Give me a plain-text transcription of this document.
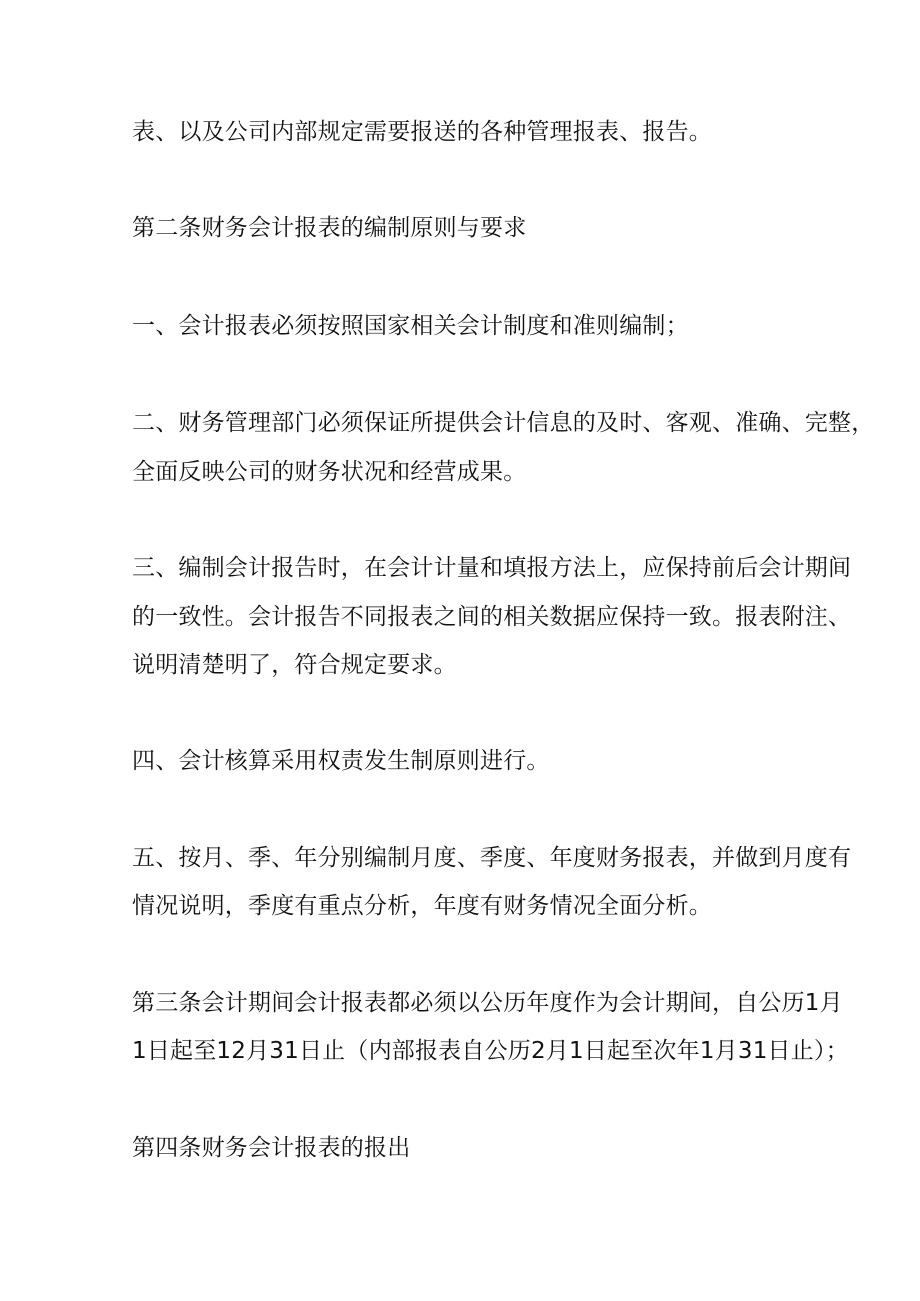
表、以及公司内部规定需要报送的各种管理报表、报告。
第二条财务会计报表的编制原则与要求
一、会计报表必须按照国家相关会计制度和准则编制；
二、财务管理部门必须保证所提供会计信息的及时、客观、准确、完整，
全面反映公司的财务状况和经营成果。
三、编制会计报告时，在会计计量和填报方法上，应保持前后会计期间
的一致性。会计报告不同报表之间的相关数据应保持一致。报表附注、
说明清楚明了，符合规定要求。
四、会计核算采用权责发生制原则进行。
五、按月、季、年分别编制月度、季度、年度财务报表，并做到月度有
情况说明，季度有重点分析，年度有财务情况全面分析。
第三条会计期间会计报表都必须以公历年度作为会计期间，自公历1月
1日起至12月31日止（内部报表自公历2月1日起至次年1月31日止）；
第四条财务会计报表的报出
